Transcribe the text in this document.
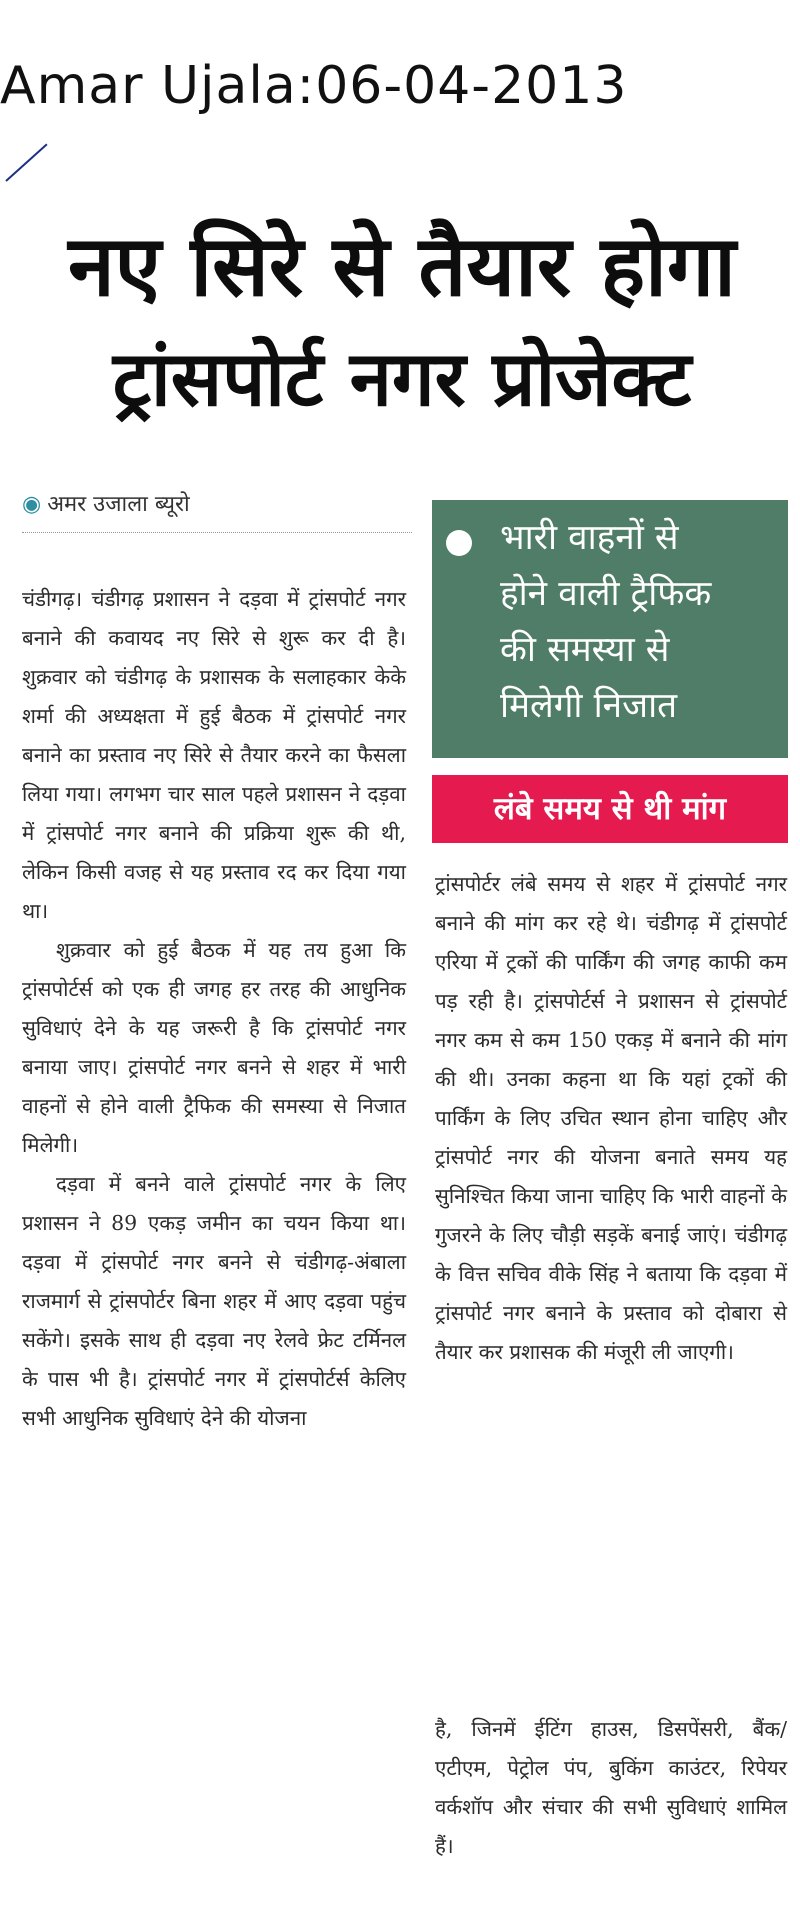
Amar Ujala:06-04-2013
नए सिरे से तैयार होगा
ट्रांसपोर्ट नगर प्रोजेक्ट
◉ अमर उजाला ब्यूरो

चंडीगढ़। चंडीगढ़ प्रशासन ने दड़वा में ट्रांसपोर्ट नगर बनाने की कवायद नए सिरे से शुरू कर दी है। शुक्रवार को चंडीगढ़ के प्रशासक के सलाहकार केके शर्मा की अध्यक्षता में हुई बैठक में ट्रांसपोर्ट नगर बनाने का प्रस्ताव नए सिरे से तैयार करने का फैसला लिया गया। लगभग चार साल पहले प्रशासन ने दड़वा में ट्रांसपोर्ट नगर बनाने की प्रक्रिया शुरू की थी, लेकिन किसी वजह से यह प्रस्ताव रद कर दिया गया था।

शुक्रवार को हुई बैठक में यह तय हुआ कि ट्रांसपोर्टर्स को एक ही जगह हर तरह की आधुनिक सुविधाएं देने के यह जरूरी है कि ट्रांसपोर्ट नगर बनाया जाए। ट्रांसपोर्ट नगर बनने से शहर में भारी वाहनों से होने वाली ट्रैफिक की समस्या से निजात मिलेगी।

दड़वा में बनने वाले ट्रांसपोर्ट नगर के लिए प्रशासन ने 89 एकड़ जमीन का चयन किया था। दड़वा में ट्रांसपोर्ट नगर बनने से चंडीगढ़-अंबाला राजमार्ग से ट्रांसपोर्टर बिना शहर में आए दड़वा पहुंच सकेंगे। इसके साथ ही दड़वा नए रेलवे फ्रेट टर्मिनल के पास भी है। ट्रांसपोर्ट नगर में ट्रांसपोर्टर्स केलिए सभी आधुनिक सुविधाएं देने की योजना

भारी वाहनों से
होने वाली ट्रैफिक
की समस्या से
मिलेगी निजात
लंबे समय से थी मांग

ट्रांसपोर्टर लंबे समय से शहर में ट्रांसपोर्ट नगर बनाने की मांग कर रहे थे। चंडीगढ़ में ट्रांसपोर्ट एरिया में ट्रकों की पार्किंग की जगह काफी कम पड़ रही है। ट्रांसपोर्टर्स ने प्रशासन से ट्रांसपोर्ट नगर कम से कम 150 एकड़ में बनाने की मांग की थी। उनका कहना था कि यहां ट्रकों की पार्किंग के लिए उचित स्थान होना चाहिए और ट्रांसपोर्ट नगर की योजना बनाते समय यह सुनिश्चित किया जाना चाहिए कि भारी वाहनों के गुजरने के लिए चौड़ी सड़कें बनाई जाएं। चंडीगढ़ के वित्त सचिव वीके सिंह ने बताया कि दड़वा में ट्रांसपोर्ट नगर बनाने के प्रस्ताव को दोबारा से तैयार कर प्रशासक की मंजूरी ली जाएगी।

है, जिनमें ईटिंग हाउस, डिसपेंसरी, बैंक/ एटीएम, पेट्रोल पंप, बुकिंग काउंटर, रिपेयर वर्कशॉप और संचार की सभी सुविधाएं शामिल हैं।
